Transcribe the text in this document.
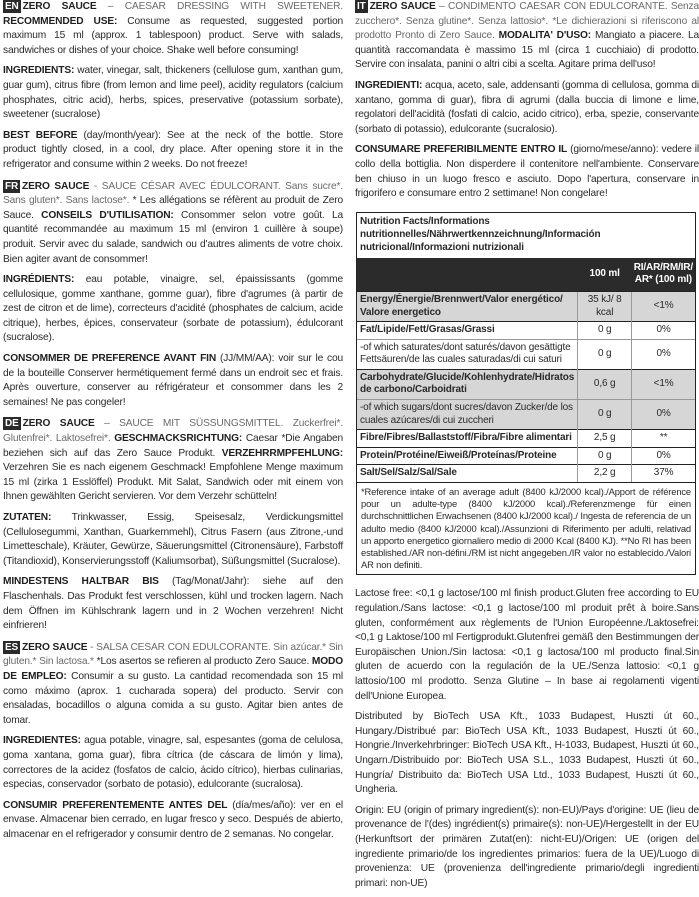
EN ZERO SAUCE – CAESAR DRESSING WITH SWEETENER. RECOMMENDED USE: Consume as requested, suggested portion maximum 15 ml (approx. 1 tablespoon) product. Serve with salads, sandwiches or dishes of your choice. Shake well before consuming!

INGREDIENTS: water, vinegar, salt, thickeners (cellulose gum, xanthan gum, guar gum), citrus fibre (from lemon and lime peel), acidity regulators (calcium phosphates, citric acid), herbs, spices, preservative (potassium sorbate), sweetener (sucralose)

BEST BEFORE (day/month/year): See at the neck of the bottle. Store product tightly closed, in a cool, dry place. After opening store it in the refrigerator and consume within 2 weeks. Do not freeze!

FR ZERO SAUCE - SAUCE CÉSAR AVEC ÉDULCORANT. Sans sucre*. Sans gluten*. Sans lactose*. * Les allégations se réfèrent au produit de Zero Sauce. CONSEILS D'UTILISATION: Consommer selon votre goût. La quantité recommandée au maximum 15 ml (environ 1 cuillère à soupe) produit. Servir avec du salade, sandwich ou d'autres aliments de votre choix. Bien agiter avant de consommer!

INGRÉDIENTS: eau potable, vinaigre, sel, épaississants (gomme cellulosique, gomme xanthane, gomme guar), fibre d'agrumes (à partir de zest de citron et de lime), correcteurs d'acidité (phosphates de calcium, acide citrique), herbes, épices, conservateur (sorbate de potassium), édulcorant (sucralose).

CONSOMMER DE PREFERENCE AVANT FIN (JJ/MM/AA): voir sur le cou de la bouteille Conserver hermétiquement fermé dans un endroit sec et frais. Après ouverture, conserver au réfrigérateur et consommer dans les 2 semaines! Ne pas congeler!

DE ZERO SAUCE – SAUCE MIT SÜSSUNGSMITTEL. Zuckerfrei*. Glutenfrei*. Laktosefrei*. GESCHMACKSRICHTUNG: Caesar *Die Angaben beziehen sich auf das Zero Sauce Produkt. VERZEHRRMPFEHLUNG: Verzehren Sie es nach eigenem Geschmack! Empfohlene Menge maximum 15 ml (zirka 1 Esslöffel) Produkt. Mit Salat, Sandwich oder mit einem von Ihnen gewählten Gericht servieren. Vor dem Verzehr schütteln!

ZUTATEN: Trinkwasser, Essig, Speisesalz, Verdickungsmittel (Cellulosegummi, Xanthan, Guarkernmehl), Citrus Fasern (aus Zitrone,-und Limetteschale), Kräuter, Gewürze, Säuerungsmittel (Citronensäure), Farbstoff (Titandioxid), Konservierungsstoff (Kaliumsorbat), Süßungsmittel (Sucralose).

MINDESTENS HALTBAR BIS (Tag/Monat/Jahr): siehe auf den Flaschenhals. Das Produkt fest verschlossen, kühl und trocken lagern. Nach dem Öffnen im Kühlschrank lagern und in 2 Wochen verzehren! Nicht einfrieren!

ES ZERO SAUCE - SALSA CESAR CON EDULCORANTE. Sin azúcar.* Sin gluten.* Sin lactosa.* *Los asertos se refieren al producto Zero Sauce. MODO DE EMPLEO: Consumir a su gusto. La cantidad recomendada son 15 ml como máximo (aprox. 1 cucharada sopera) del producto. Servir con ensaladas, bocadillos o alguna comida a su gusto. Agitar bien antes de tomar.

INGREDIENTES: agua potable, vinagre, sal, espesantes (goma de celulosa, goma xantana, goma guar), fibra cítrica (de cáscara de limón y lima), correctores de la acidez (fosfatos de calcio, ácido cítrico), hierbas culinarias, especias, conservador (sorbato de potasio), edulcorante (sucralosa).

CONSUMIR PREFERENTEMENTE ANTES DEL (día/mes/año): ver en el envase. Almacenar bien cerrado, en lugar fresco y seco. Después de abierto, almacenar en el refrigerador y consumir dentro de 2 semanas. No congelar.

IT ZERO SAUCE – CONDIMENTO CAESAR CON EDULCORANTE. Senza zucchero*. Senza glutine*. Senza lattosio*. *Le dichierazioni si riferiscono al prodotto Pronto di Zero Sauce. MODALITA' D'USO: Mangiato a piacere. La quantità raccomandata è massimo 15 ml (circa 1 cucchiaio) di prodotto. Servire con insalata, panini o altri cibi a scelta. Agitare prima dell'uso!

INGREDIENTI: acqua, aceto, sale, addensanti (gomma di cellulosa, gomma di xantano, gomma di guar), fibra di agrumi (dalla buccia di limone e lime, regolatori dell'acidità (fosfati di calcio, acido citrico), erba, spezie, conservante (sorbato di potassio), edulcorante (sucralosio).

CONSUMARE PREFERIBILMENTE ENTRO IL (giorno/mese/anno): vedere il collo della bottiglia. Non disperdere il contenitore nell'ambiente. Conservare ben chiuso in un luogo fresco e asciuto. Dopo l'apertura, conservare in frigorifero e consumare entro 2 settimane! Non congelare!

Nutrition Facts/Informations nutritionnelles/Nährwertkennzeichnung/Información nutricional/Informazioni nutrizionali
	100 ml	RI/AR/RM/IR/
AR* (100 ml)
Energy/Énergie/Brennwert/Valor energético/ Valore energetico	35 kJ/ 8 kcal	<1%
Fat/Lipide/Fett/Grasas/Grassi	0 g	0%
-of which saturates/dont saturés/davon gesättigte Fettsäuren/de las cuales saturadas/di cui saturi	0 g	0%
Carbohydrate/Glucide/Kohlenhydrate/Hidratos de carbono/Carboidrati	0,6 g	<1%
-of which sugars/dont sucres/davon Zucker/de los cuales azúcares/di cui zuccheri	0 g	0%
Fibre/Fibres/Ballaststoff/Fibra/Fibre alimentari	2,5 g	**
Protein/Protéine/Eiweiß/Proteínas/Proteine	0 g	0%
Salt/Sel/Salz/Sal/Sale	2,2 g	37%
*Reference intake of an average adult (8400 kJ/2000 kcal)./Apport de référence pour un adulte-type (8400 kJ/2000 kcal)./Referenzmenge für einen durchschnittlichen Erwachsenen (8400 kJ/2000 kcal)./ Ingesta de referencia de un adulto medio (8400 kJ/2000 kcal)./Assunzioni di Riferimento per adulti, relativad un apporto energetico giornaliero medio di 2000 Kcal (8400 KJ). **No RI has been established./AR non-défini./RM ist nicht angegeben./IR valor no establecido./Valori AR non definiti.

Lactose free: <0,1 g lactose/100 ml finish product.Gluten free according to EU regulation./Sans lactose: <0,1 g lactose/100 ml produit prêt à boire.Sans gluten, conformément aux règlements de l'Union Européenne./Laktosefrei: <0,1 g Laktose/100 ml Fertigprodukt.Glutenfrei gemäß den Bestimmungen der Europäischen Union./Sin lactosa: <0,1 g lactosa/100 ml producto final.Sin gluten de acuerdo con la regulación de la UE./Senza lattosio: <0,1 g lattosio/100 ml prodotto. Senza Glutine – In base ai regolamenti vigenti dell'Unione Europea.

Distributed by BioTech USA Kft., 1033 Budapest, Huszti út 60., Hungary./Distribué par: BioTech USA Kft., 1033 Budapest, Huszti út 60., Hongrie./Inverkehrbringer: BioTech USA Kft., H-1033, Budapest, Huszti út 60., Ungarn./Distribuido por: BioTech USA S.L., 1033 Budapest, Huszti út 60., Hungría/ Distribuito da: BioTech USA Ltd., 1033 Budapest, Huszti út 60., Ungheria.

Origin: EU (origin of primary ingredient(s): non-EU)/Pays d'origine: UE (lieu de provenance de l'(des) ingrédient(s) primaire(s): non-UE)/Hergestellt in der EU (Herkunftsort der primären Zutat(en): nicht-EU)/Origen: UE (origen del ingrediente primario/de los ingredientes primarios: fuera de la UE)/Luogo di provenienza: UE (provenienza dell'ingrediente primario/degli ingredienti primari: non-UE)
